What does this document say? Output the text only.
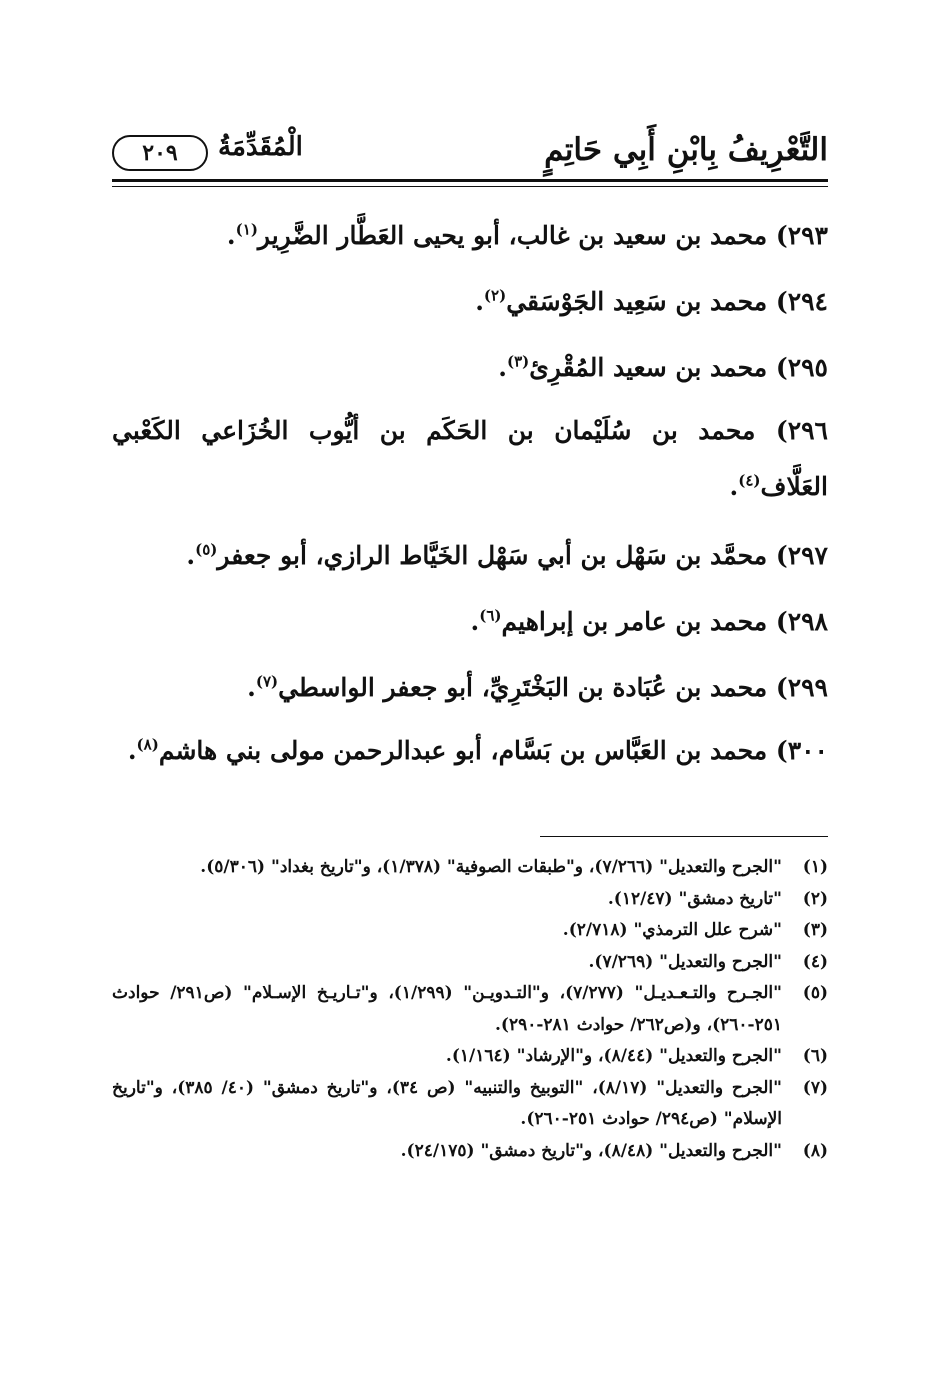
التَّعْرِيفُ بِابْنِ أَبِي حَاتِمٍ
الْمُقَدِّمَةُ
٢٠٩

٢٩٣) محمد بن سعيد بن غالب، أبو يحيى العَطَّار الضَّرِير$^{(١)}$.

٢٩٤) محمد بن سَعِيد الجَوْسَقي$^{(٢)}$.

٢٩٥) محمد بن سعيد المُقْرِئ$^{(٣)}$.

٢٩٦) محمد بن سُلَيْمان بن الحَكَم بن أيُّوب الخُزَاعي الكَعْبي العَلَّاف$^{(٤)}$.

٢٩٧) محمَّد بن سَهْل بن أبي سَهْل الخَيَّاط الرازي، أبو جعفر$^{(٥)}$.

٢٩٨) محمد بن عامر بن إبراهيم$^{(٦)}$.

٢٩٩) محمد بن عُبَادة بن البَخْتَرِيِّ، أبو جعفر الواسطي$^{(٧)}$.

٣٠٠) محمد بن العَبَّاس بن بَسَّام، أبو عبدالرحمن مولى بني هاشم$^{(٨)}$.

(١)
"الجرح والتعديل" (٧/٢٦٦)، و"طبقات الصوفية" (١/٣٧٨)، و"تاريخ بغداد" (٥/٣٠٦).
(٢)
"تاريخ دمشق" (١٢/٤٧).
(٣)
"شرح علل الترمذي" (٢/٧١٨).
(٤)
"الجرح والتعديل" (٧/٢٦٩).
(٥)
"الجـرح والتـعـديـل" (٧/٢٧٧)، و"التـدويـن" (١/٢٩٩)، و"تـاريـخ الإسـلام" (ص٢٩١/ حوادث ٢٥١-٢٦٠)، و(ص٢٦٢/ حوادث ٢٨١-٢٩٠).
(٦)
"الجرح والتعديل" (٨/٤٤)، و"الإرشاد" (١/١٦٤).
(٧)
"الجرح والتعديل" (٨/١٧)، "التوبيخ والتنبيه" (ص ٣٤)، و"تاريخ دمشق" (٤٠/ ٣٨٥)، و"تاريخ الإسلام" (ص٢٩٤/ حوادث ٢٥١-٢٦٠).
(٨)
"الجرح والتعديل" (٨/٤٨)، و"تاريخ دمشق" (٢٤/١٧٥).
